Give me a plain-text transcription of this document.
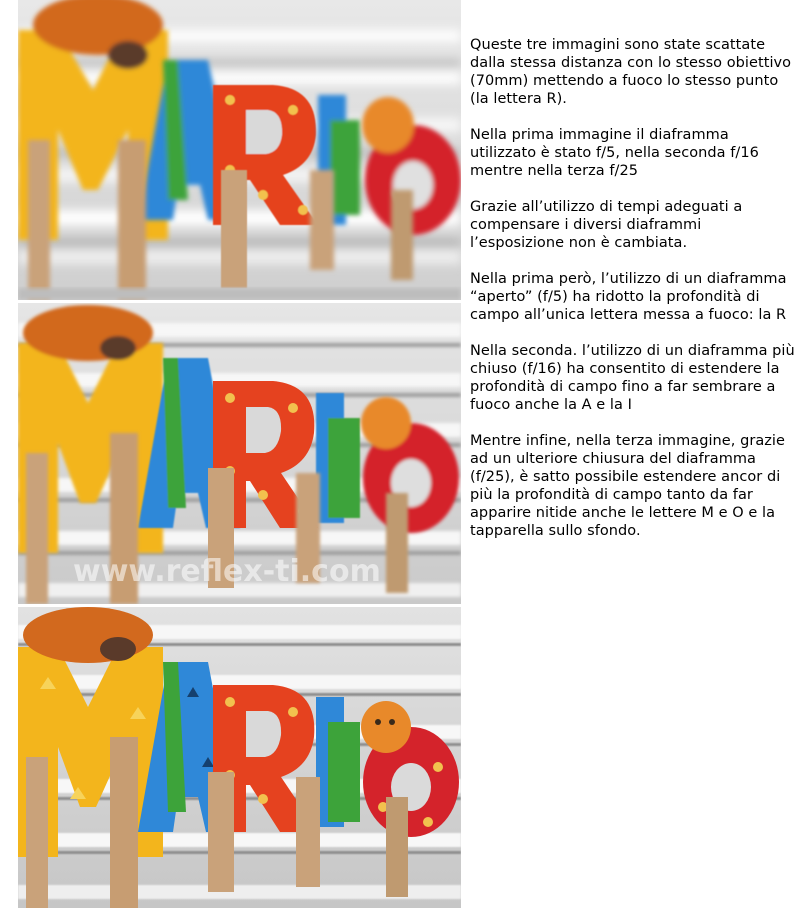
www.reflex-ti.com

Queste tre immagini sono state scattate dalla stessa distanza con lo stesso obiettivo (70mm) mettendo a fuoco lo stesso punto (la lettera R).

Nella prima immagine il diaframma utilizzato è stato f/5, nella seconda f/16 mentre nella terza f/25

Grazie all’utilizzo di tempi adeguati a compensare i diversi diaframmi l’esposizione non è cambiata.

Nella prima però, l’utilizzo di un diaframma “aperto” (f/5) ha ridotto la profondità di campo all’unica lettera messa a fuoco: la R

Nella seconda. l’utilizzo di un diaframma più chiuso (f/16) ha consentito di estendere la profondità di campo fino a far sembrare a fuoco anche la A e la I

Mentre infine, nella terza immagine, grazie ad un ulteriore chiusura del diaframma (f/25), è satto possibile estendere ancor di più la profondità di campo tanto da far apparire nitide anche le lettere M e O e la tapparella sullo sfondo.
